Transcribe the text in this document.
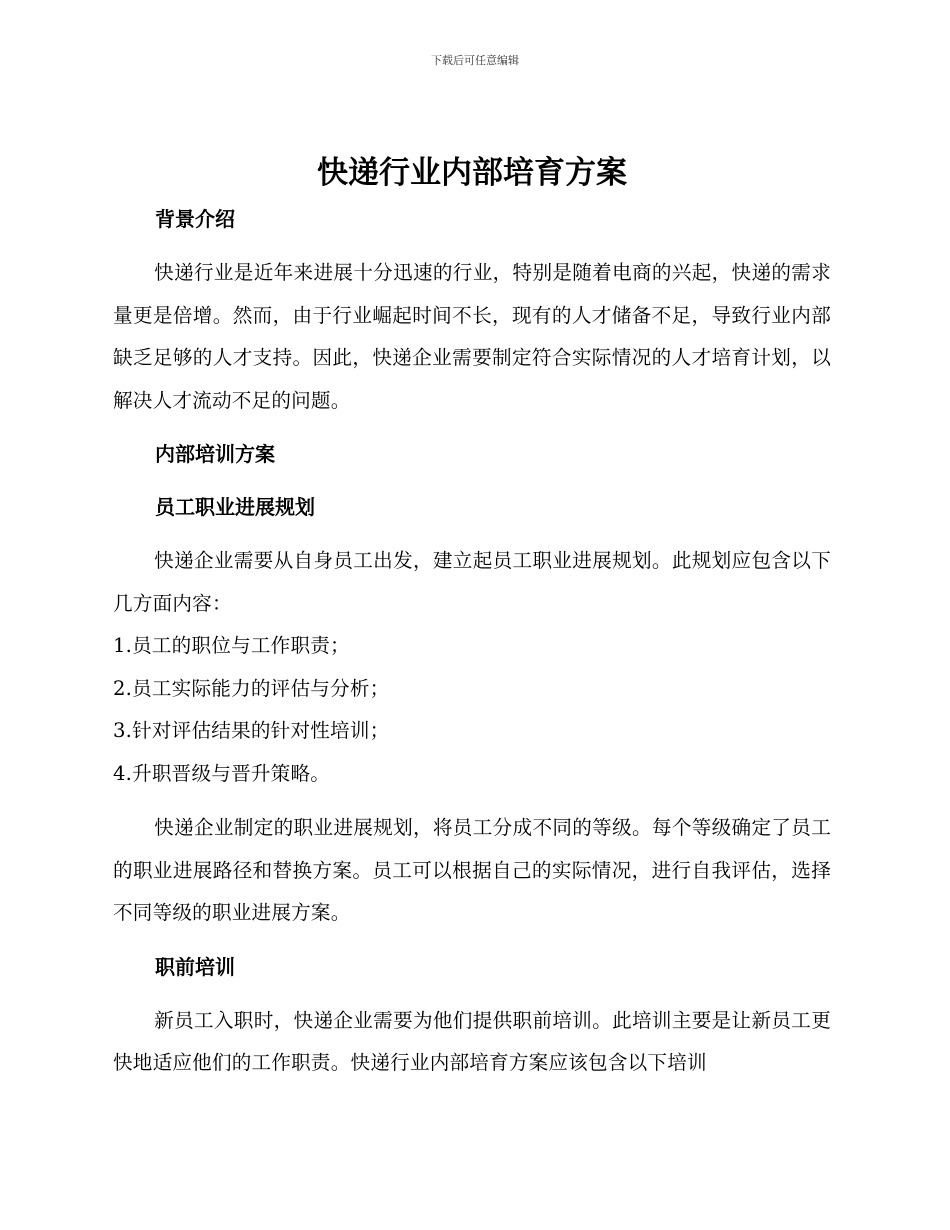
下载后可任意编辑
快递行业内部培育方案
背景介绍

快递行业是近年来进展十分迅速的行业，特别是随着电商的兴起，快递的需求量更是倍增。然而，由于行业崛起时间不长，现有的人才储备不足，导致行业内部缺乏足够的人才支持。因此，快递企业需要制定符合实际情况的人才培育计划，以解决人才流动不足的问题。

内部培训方案
员工职业进展规划

快递企业需要从自身员工出发，建立起员工职业进展规划。此规划应包含以下几方面内容：

1.员工的职位与工作职责；

2.员工实际能力的评估与分析；

3.针对评估结果的针对性培训；

4.升职晋级与晋升策略。

快递企业制定的职业进展规划，将员工分成不同的等级。每个等级确定了员工的职业进展路径和替换方案。员工可以根据自己的实际情况，进行自我评估，选择不同等级的职业进展方案。

职前培训

新员工入职时，快递企业需要为他们提供职前培训。此培训主要是让新员工更快地适应他们的工作职责。快递行业内部培育方案应该包含以下培训
